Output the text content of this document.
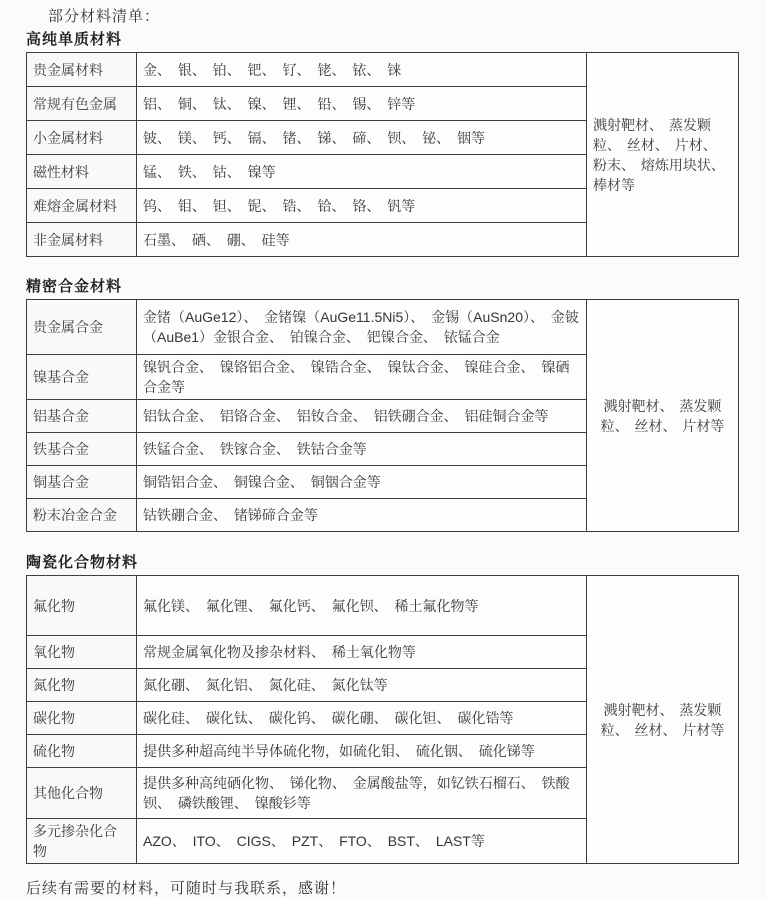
部分材料清单：
高纯单质材料
贵金属材料	金、 银、 铂、 钯、 钌、 铑、 铱、 铼	溅射靶材、 蒸发颗粒、 丝材、 片材、 粉末、 熔炼用块状、 棒材等
常规有色金属	铝、 铜、 钛、 镍、 锂、 铅、 锡、 锌等	
小金属材料	铍、 镁、 钙、 镉、 锗、 锑、 碲、 钡、 铋、 铟等	
磁性材料	锰、 铁、 钴、 镍等	
难熔金属材料	钨、 钼、 钽、 铌、 锆、 铪、 铬、 钒等	
非金属材料	石墨、 硒、 硼、 硅等	
精密合金材料
贵金属合金	金锗（AuGe12）、 金锗镍（AuGe11.5Ni5）、 金锡（AuSn20）、 金铍（AuBe1）金银合金、 铂镍合金、 钯镍合金、 铱锰合金	溅射靶材、 蒸发颗粒、 丝材、 片材等
镍基合金	镍钒合金、 镍铬铝合金、 镍锆合金、 镍钛合金、 镍硅合金、 镍硒合金等	
铝基合金	铝钛合金、 铝铬合金、 铝钕合金、 铝铁硼合金、 铝硅铜合金等	
铁基合金	铁锰合金、 铁镓合金、 铁钴合金等	
铜基合金	铜锆铝合金、 铜镍合金、 铜铟合金等	
粉末冶金合金	钴铁硼合金、 锗锑碲合金等	
陶瓷化合物材料
氟化物	氟化镁、 氟化锂、 氟化钙、 氟化钡、 稀土氟化物等	溅射靶材、 蒸发颗粒、 丝材、 片材等
氧化物	常规金属氧化物及掺杂材料、 稀土氧化物等	
氮化物	氮化硼、 氮化铝、 氮化硅、 氮化钛等	
碳化物	碳化硅、 碳化钛、 碳化钨、 碳化硼、 碳化钽、 碳化锆等	
硫化物	提供多种超高纯半导体硫化物，如硫化钼、 硫化铟、 硫化锑等	
其他化合物	提供多种高纯硒化物、 锑化物、 金属酸盐等，如钇铁石榴石、 铁酸钡、 磷铁酸锂、 镍酸钐等	
多元掺杂化合物	AZO、 ITO、 CIGS、 PZT、 FTO、 BST、 LAST等	
后续有需要的材料，可随时与我联系，感谢！
